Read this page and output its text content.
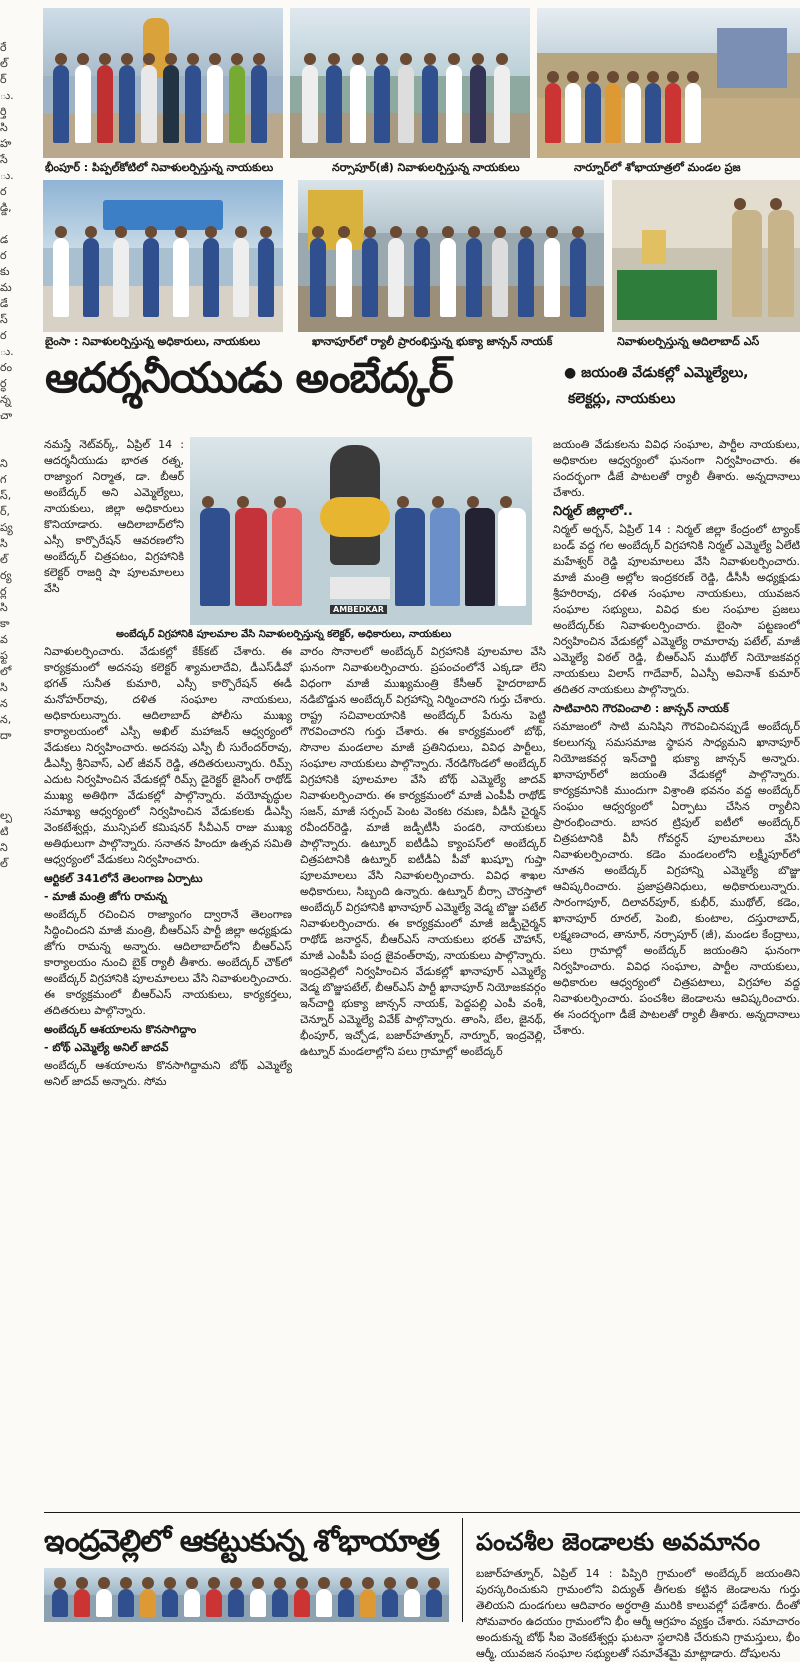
రే
ల్
ర్
ు.
ర్తి
సి
హ
సే
ు.
ర
డ్డి,

డ
ర
కు
మ
డే
స్
ర
ు.
రం
ర్ధ
న్న
చా

ని
గ
స్,
ర్,
ప్య
సి
ల్
ర్య
ర్ల
సి
కా
వ
ఫ్ట
లో
సి
న
న,
దా

ల్ప
టి
ని
ల్
భీంపూర్ : పిప్పల్‌కోటిలో నివాళులర్పిస్తున్న నాయకులు	నర్సాపూర్(జీ) నివాళులర్పిస్తున్న నాయకులు	నార్నూర్‌లో శోభాయాత్రలో మండల ప్రజ
బైంసా : నివాళులర్పిస్తున్న అధికారులు, నాయకులు	ఖానాపూర్‌లో ర్యాలీ ప్రారంభిస్తున్న భుక్యా జాన్సన్ నాయక్	నివాళులర్పిస్తున్న ఆదిలాబాద్ ఎస్
ఆదర్శనీయుడు అంబేద్కర్	● జయంతి వేడుకల్లో ఎమ్మెల్యేలు,
కలెక్టర్లు, నాయకులు
AMBEDKAR
అంబేద్కర్ విగ్రహానికి పూలమాల వేసి నివాళులర్పిస్తున్న కలెక్టర్, అధికారులు, నాయకులు

నమస్తే నెట్‌వర్క్, ఏప్రిల్ 14 : ఆదర్శనీయుడు భారత రత్న, రాజ్యాంగ నిర్మాత, డా. బీఆర్ అంబేద్కర్ అని ఎమ్మెల్యేలు, నాయకులు, జిల్లా అధికారులు కొనియాడారు. ఆదిలాబాద్‌లోని ఎస్సీ కార్పొరేషన్ ఆవరణలోని అంబేద్కర్ చిత్రపటం, విగ్రహానికి కలెక్టర్ రాజర్షి షా పూలమాలలు వేసి

నివాళులర్పించారు. వేడుకల్లో కేక్‌కట్ చేశారు. ఈ కార్యక్రమంలో అదనపు కలెక్టర్ శ్యామలాదేవి, డీఎస్‌డీవో భగత్ సునీత కుమారి, ఎస్సీ కార్పొరేషన్ ఈడీ మనోహర్‌రావు, దళిత సంఘాల నాయకులు, అధికారులున్నారు. ఆదిలాబాద్ పోలీసు ముఖ్య కార్యాలయంలో ఎస్పీ అఖిల్ మహాజన్ ఆధ్వర్యంలో వేడుకలు నిర్వహించారు. అదనపు ఎస్పీ బీ సురేందర్‌రావు, డీఎస్పీ శ్రీనివాస్, ఎల్ జీవన్ రెడ్డి, తదితరులున్నారు. రిమ్స్ ఎదుట నిర్వహించిన వేడుకల్లో రిమ్స్ డైరెక్టర్ జైసింగ్ రాథోడ్ ముఖ్య అతిథిగా వేడుకల్లో పాల్గొన్నారు. వయోవృద్ధుల సమాఖ్య ఆధ్వర్యంలో నిర్వహించిన వేడుకలకు డీఎస్పీ వెంకటేశ్వర్లు, మున్సిపల్ కమిషనర్ సీవీఎన్ రాజు ముఖ్య అతిథులుగా పాల్గొన్నారు. సనాతన హిందూ ఉత్సవ సమితి ఆధ్వర్యంలో వేడుకలు నిర్వహించారు.

ఆర్టికల్ 341లోనే తెలంగాణ ఏర్పాటు

- మాజీ మంత్రి జోగు రామన్న

అంబేద్కర్ రచించిన రాజ్యాంగం ద్వారానే తెలంగాణ సిద్ధించిందని మాజీ మంత్రి, బీఆర్‌ఎస్ పార్టీ జిల్లా అధ్యక్షుడు జోగు రామన్న అన్నారు. ఆదిలాబాద్‌లోని బీఆర్‌ఎస్ కార్యాలయం నుంచి బైక్ ర్యాలీ తీశారు. అంబేద్కర్ చౌక్‌లో అంబేద్కర్ విగ్రహానికి పూలమాలలు వేసి నివాళులర్పించారు. ఈ కార్యక్రమంలో బీఆర్‌ఎస్ నాయకులు, కార్యకర్తలు, తదితరులు పాల్గొన్నారు.

అంబేద్కర్ ఆశయాలను కొనసాగిద్దాం

- బోథ్ ఎమ్మెల్యే అనిల్ జాదవ్

అంబేద్కర్ ఆశయాలను కొనసాగిద్దామని బోథ్ ఎమ్మెల్యే అనిల్ జాదవ్ అన్నారు. సోమ

వారం సొనాలలో అంబేద్కర్ విగ్రహానికి పూలమాల వేసి ఘనంగా నివాళులర్పించారు. ప్రపంచంలోనే ఎక్కడా లేని విధంగా మాజీ ముఖ్యమంత్రి కేసీఆర్ హైదరాబాద్ నడిబొడ్డున అంబేద్కర్ విగ్రహాన్ని నిర్మించారని గుర్తు చేశారు. రాష్ట్ర సచివాలయానికి అంబేద్కర్ పేరును పెట్టి గౌరవించారని గుర్తు చేశారు. ఈ కార్యక్రమంలో బోథ్, సొనాల మండలాల మాజీ ప్రతినిధులు, వివిధ పార్టీలు, సంఘాల నాయకులు పాల్గొన్నారు. నేరడిగొండలో అంబేద్కర్ విగ్రహానికి పూలమాల వేసి బోథ్ ఎమ్మెల్యే జాదవ్ నివాళులర్పించారు. ఈ కార్యక్రమంలో మాజీ ఎంపీపీ రాథోడ్ సజన్, మాజీ సర్పంచ్ పెంట వెంకట రమణ, వీడీసీ చైర్మన్ రవీందర్‌రెడ్డి, మాజీ జడ్పీటీసీ పండరి, నాయకులు పాల్గొన్నారు. ఉట్నూర్ ఐటీడీఏ క్యాంపస్‌లో అంబేద్కర్ చిత్రపటానికి ఉట్నూర్ ఐటీడీఏ పీవో ఖుష్బూ గుప్తా పూలమాలలు వేసి నివాళులర్పించారు. వివిధ శాఖల అధికారులు, సిబ్బంది ఉన్నారు. ఉట్నూర్ బీర్సా చౌరస్తాలో అంబేద్కర్ విగ్రహానికి ఖానాపూర్ ఎమ్మెల్యే వెడ్మ బొజ్జు పటేల్ నివాళులర్పించారు. ఈ కార్యక్రమంలో మాజీ జడ్పీచైర్మన్ రాథోడ్ జనార్దన్, బీఆర్‌ఎస్ నాయకులు భరత్ చౌహాన్, మాజీ ఎంపీపీ పంద్ర జైవంత్‌రావు, నాయకులు పాల్గొన్నారు. ఇంద్రవెల్లిలో నిర్వహించిన వేడుకల్లో ఖానాపూర్ ఎమ్మెల్యే వెడ్మ బొజ్జుపటేల్, బీఆర్‌ఎస్ పార్టీ ఖానాపూర్ నియోజకవర్గం ఇన్‌చార్జి భుక్యా జాన్సన్ నాయక్, పెద్దపల్లి ఎంపీ వంశీ, చెన్నూర్ ఎమ్మెల్యే వివేక్ పాల్గొన్నారు. తాంసి, బేల, జైనథ్, భీంపూర్, ఇచ్చోడ, బజార్‌హత్నూర్, నార్నూర్, ఇంద్రవెల్లి, ఉట్నూర్ మండలాల్లోని పలు గ్రామాల్లో అంబేద్కర్

జయంతి వేడుకలను వివిధ సంఘాల, పార్టీల నాయకులు, అధికారుల ఆధ్వర్యంలో ఘనంగా నిర్వహించారు. ఈ సందర్భంగా డీజే పాటలతో ర్యాలీ తీశారు. అన్నదానాలు చేశారు.

నిర్మల్ జిల్లాలో..

నిర్మల్ అర్బన్, ఏప్రిల్ 14 : నిర్మల్ జిల్లా కేంద్రంలో ట్యాంక్ బండ్ వద్ద గల అంబేద్కర్ విగ్రహానికి నిర్మల్ ఎమ్మెల్యే ఏలేటి మహేశ్వర్ రెడ్డి పూలమాలలు వేసి నివాళులర్పించారు. మాజీ మంత్రి అల్లోల ఇంద్రకరణ్ రెడ్డి, డీసీసీ అధ్యక్షుడు శ్రీహరిరావు, దళిత సంఘాల నాయకులు, యువజన సంఘాల సభ్యులు, వివిధ కుల సంఘాల ప్రజలు అంబేద్కర్‌కు నివాళులర్పించారు. బైంసా పట్టణంలో నిర్వహించిన వేడుకల్లో ఎమ్మెల్యే రామారావు పటేల్, మాజీ ఎమ్మెల్యే విఠల్ రెడ్డి, బీఆర్‌ఎస్ ముథోల్ నియోజకవర్గ నాయకులు విలాస్ గాదేవార్, ఏఎస్పీ అవినాశ్ కుమార్ తదితర నాయకులు పాల్గొన్నారు.

సాటివారిని గౌరవించాలి : జాన్సన్ నాయక్

సమాజంలో సాటి మనిషిని గౌరవించినప్పుడే అంబేద్కర్ కలలుగన్న సమసమాజ స్థాపన సాధ్యమని ఖానాపూర్ నియోజకవర్గ ఇన్‌చార్జి భుక్యా జాన్సన్ అన్నారు. ఖానాపూర్‌లో జయంతి వేడుకల్లో పాల్గొన్నారు. కార్యక్రమానికి ముందుగా విశ్రాంతి భవనం వద్ద అంబేద్కర్ సంఘం ఆధ్వర్యంలో ఏర్పాటు చేసిన ర్యాలీని ప్రారంభించారు. బాసర ట్రిపుల్ ఐటీలో అంబేద్కర్ చిత్రపటానికి వీసీ గోవర్ధన్ పూలమాలలు వేసి నివాళులర్పించారు. కడెం మండలంలోని లక్ష్మీపూర్‌లో నూతన అంబేద్కర్ విగ్రహాన్ని ఎమ్మెల్యే బొజ్జు ఆవిష్కరించారు. ప్రజాప్రతినిధులు, అధికారులున్నారు. సారంగాపూర్, దిలావర్‌పూర్, కుభీర్, ముథోల్, కడెం, ఖానాపూర్ రూరల్, పెంబి, కుంటాల, దస్తురాబాద్, లక్ష్మణచాంద, తానూర్, నర్సాపూర్ (జీ), మండల కేంద్రాలు, పలు గ్రామాల్లో అంబేద్కర్ జయంతిని ఘనంగా నిర్వహించారు. వివిధ సంఘాల, పార్టీల నాయకులు, అధికారుల ఆధ్వర్యంలో చిత్రపటాలు, విగ్రహాల వద్ద నివాళులర్పించారు. పంచశీల జెండాలను ఆవిష్కరించారు. ఈ సందర్భంగా డీజే పాటలతో ర్యాలీ తీశారు. అన్నదానాలు చేశారు.

ఇంద్రవెల్లిలో ఆకట్టుకున్న శోభాయాత్ర పంచశీల జెండాలకు అవమానం

బజార్‌హత్నూర్, ఏప్రిల్ 14 : పిప్పిరి గ్రామంలో అంబేద్కర్ జయంతిని పురస్కరించుకుని గ్రామంలోని విద్యుత్ తీగలకు కట్టిన జెండాలను గుర్తు తెలియని దుండగులు ఆదివారం అర్ధరాత్రి మురికి కాలువల్లో పడేశారు. దీంతో సోమవారం ఉదయం గ్రామంలోని భీం ఆర్మీ ఆగ్రహం వ్యక్తం చేశారు. సమాచారం అందుకున్న బోథ్ సీఐ వెంకటేశ్వర్లు ఘటనా స్థలానికి చేరుకుని గ్రామస్తులు, భీం ఆర్మీ, యువజన సంఘాల సభ్యులతో సమావేశమై మాట్లాడారు. దోషులను
